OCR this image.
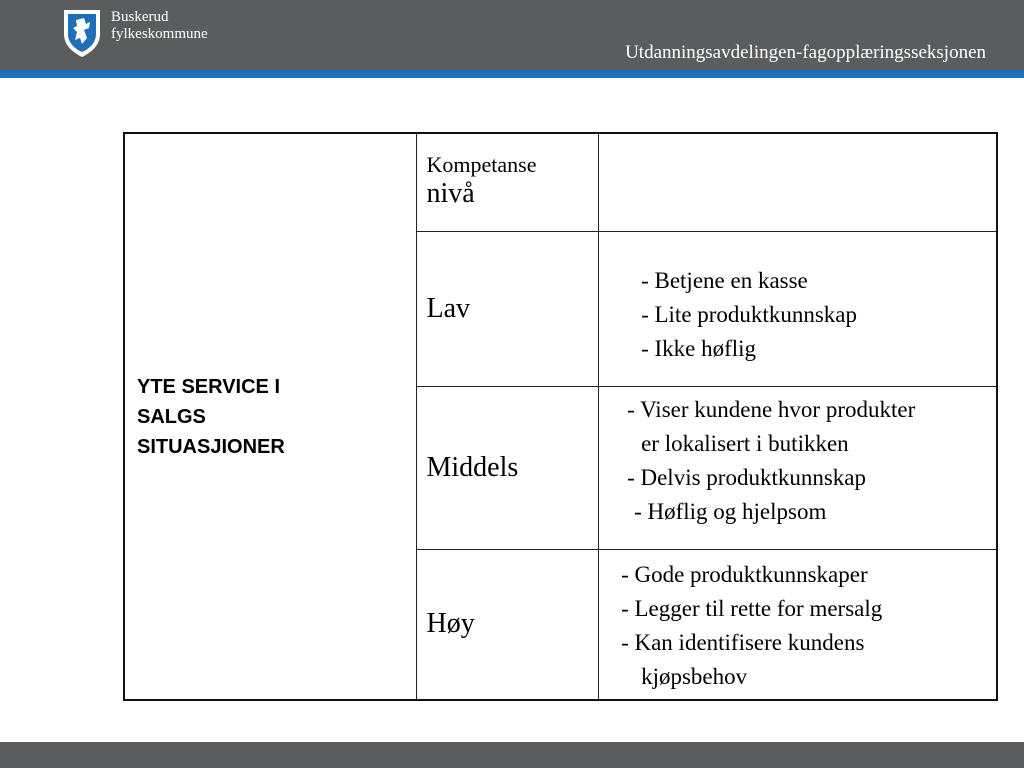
Buskerud
fylkeskommune
Utdanningsavdelingen-fagopplæringsseksjonen
YTE SERVICE I
SALGS
SITUASJIONER	Kompetanse
nivå	

	Lav	- Betjene en kasse
- Lite produktkunnskap
- Ikke høflig

	Middels	- Viser kundene hvor produkter
er lokalisert i butikken
- Delvis produktkunnskap
- Høflig og hjelpsom

	Høy	- Gode produktkunnskaper
- Legger til rette for mersalg
- Kan identifisere kundens
kjøpsbehov
